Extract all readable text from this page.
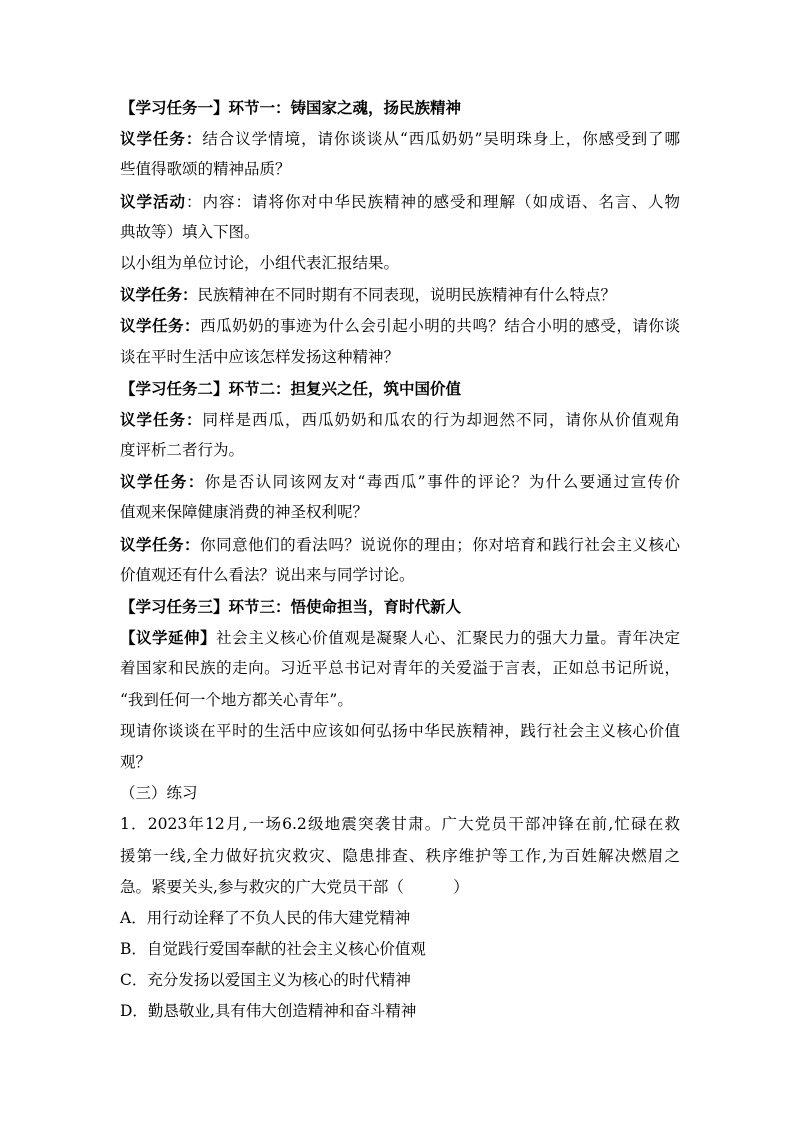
【学习任务一】环节一：铸国家之魂，扬民族精神
议学任务：结合议学情境，请你谈谈从“西瓜奶奶”吴明珠身上，你感受到了哪
些值得歌颂的精神品质？
议学活动：内容：请将你对中华民族精神的感受和理解（如成语、名言、人物
典故等）填入下图。
以小组为单位讨论，小组代表汇报结果。
议学任务：民族精神在不同时期有不同表现，说明民族精神有什么特点？
议学任务：西瓜奶奶的事迹为什么会引起小明的共鸣？结合小明的感受，请你谈
谈在平时生活中应该怎样发扬这种精神？
【学习任务二】环节二：担复兴之任，筑中国价值
议学任务：同样是西瓜，西瓜奶奶和瓜农的行为却迥然不同，请你从价值观角
度评析二者行为。
议学任务：你是否认同该网友对“毒西瓜”事件的评论？为什么要通过宣传价
值观来保障健康消费的神圣权利呢？
议学任务：你同意他们的看法吗？说说你的理由；你对培育和践行社会主义核心
价值观还有什么看法？说出来与同学讨论。
【学习任务三】环节三：悟使命担当，育时代新人
【议学延伸】社会主义核心价值观是凝聚人心、汇聚民力的强大力量。青年决定
着国家和民族的走向。习近平总书记对青年的关爱溢于言表，正如总书记所说，
“我到任何一个地方都关心青年”。
现请你谈谈在平时的生活中应该如何弘扬中华民族精神，践行社会主义核心价值
观？
（三）练习
1．2023年12月,一场6.2级地震突袭甘肃。广大党员干部冲锋在前,忙碌在救
援第一线,全力做好抗灾救灾、隐患排查、秩序维护等工作,为百姓解决燃眉之
急。紧要关头,参与救灾的广大党员干部（          ）
A．用行动诠释了不负人民的伟大建党精神
B．自觉践行爱国奉献的社会主义核心价值观
C．充分发扬以爱国主义为核心的时代精神
D．勤恳敬业,具有伟大创造精神和奋斗精神
